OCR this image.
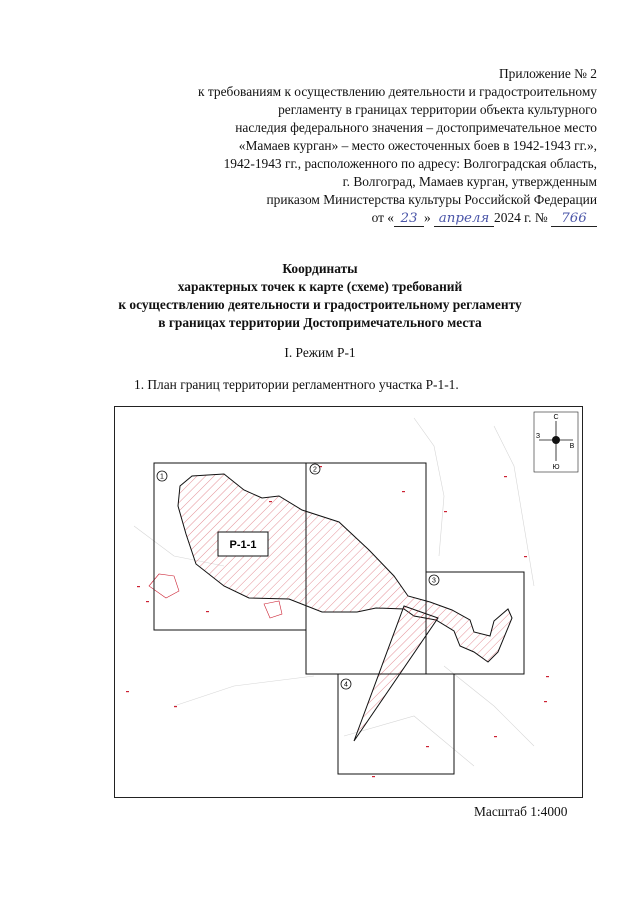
Приложение № 2
к требованиям к осуществлению деятельности и градостроительному
регламенту в границах территории объекта культурного
наследия федерального значения – достопримечательное место
«Мамаев курган» – место ожесточенных боев в 1942-1943 гг.»,
1942-1943 гг., расположенного по адресу: Волгоградская область,
г. Волгоград, Мамаев курган, утвержденным
приказом Министерства культуры Российской Федерации
от « 23 » апреля 2024 г. № 766
Координаты
характерных точек к карте (схеме) требований
к осуществлению деятельности и градостроительному регламенту
в границах территории Достопримечательного места
I. Режим Р-1
1. План границ территории регламентного участка Р-1-1.
1
2
3
4
Р-1-1
С
Ю
В
З
Масштаб 1:4000
